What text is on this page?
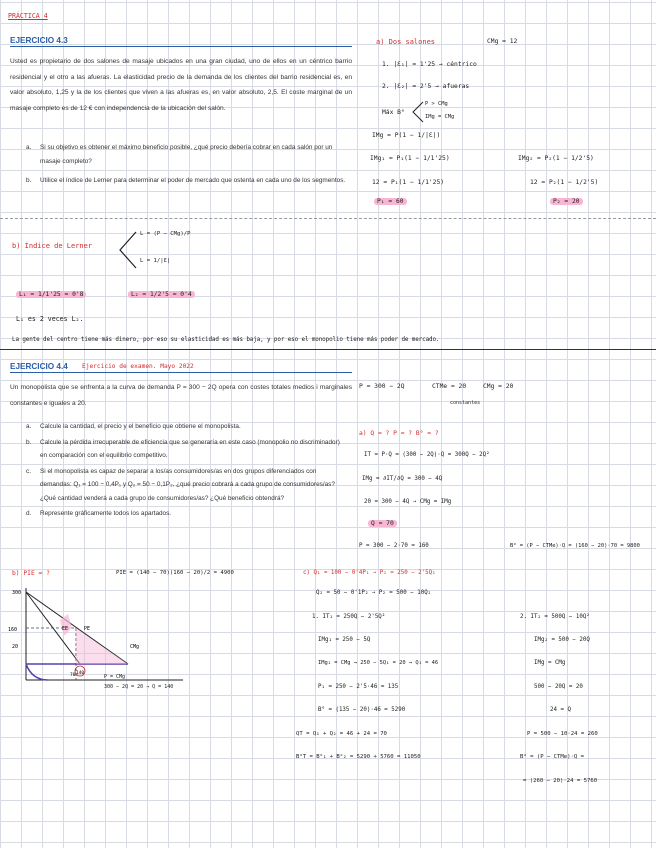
PRÁCTICA 4
EJERCICIO 4.3
Usted es propietario de dos salones de masaje ubicados en una gran ciudad, uno de ellos en un céntrico barrio residencial y el otro a las afueras. La elasticidad precio de la demanda de los clientes del barrio residencial es, en valor absoluto, 1,25 y la de los clientes que viven a las afueras es, en valor absoluto, 2,5. El coste marginal de un masaje completo es de 12 € con independencia de la ubicación del salón.
a. Si su objetivo es obtener el máximo beneficio posible, ¿qué precio debería cobrar en cada salón por un masaje completo?
b. Utilice el índice de Lerner para determinar el poder de mercado que ostenta en cada uno de los segmentos.
a) Dos salones	CMg = 12
1. |Ɛ₁| = 1'25 → céntrico
2. |Ɛ₂| = 2'5 → afueras
Máx B°
P > CMg
IMg = CMg
IMg = P(1 − 1/|Ɛ|)
IMg₁ = P₁(1 − 1/1'25)	IMg₂ = P₂(1 − 1/2'5)
12 = P₁(1 − 1/1'25)	12 = P₂(1 − 1/2'5)
P₁ = 60	P₂ = 20
b) Índice de Lerner
L = (P − CMg)/P
L = 1/|Ɛ|
L₁ = 1/1'25 = 0'8	L₂ = 1/2'5 = 0'4
L₁ es 2 veces L₂.
La gente del centro tiene más dinero, por eso su elasticidad es más baja, y por eso el monopolio tiene más poder de mercado.
EJERCICIO 4.4 Ejercicio de examen. Mayo 2022
Un monopolista que se enfrenta a la curva de demanda P = 300 − 2Q opera con costes totales medios i marginales constantes e iguales a 20.
a. Calcule la cantidad, el precio y el beneficio que obtiene el monopolista.
b. Calcule la pérdida irrecuperable de eficiencia que se generaría en este caso (monopolio no discriminador) en comparación con el equilibrio competitivo.
c. Si el monopolista es capaz de separar a los/as consumidores/as en dos grupos diferenciados con demandas: Q₁ = 100 − 0,4P₁ y Q₂ = 50 − 0,1P₂, ¿qué precio cobrará a cada grupo de consumidores/as? ¿Qué cantidad venderá a cada grupo de consumidores/as? ¿Qué beneficio obtendrá?
d. Represente gráficamente todos los apartados.
P = 300 − 2Q	CTMe = 20	CMg = 20
constantes
a) Q = ? P = ? B° = ?
IT = P·Q = (300 − 2Q)·Q = 300Q − 2Q²
IMg = ∂IT/∂Q = 300 − 4Q
20 = 300 − 4Q → CMg = IMg
Q = 70
P = 300 − 2·70 = 160	B° = (P − CTMe)·Q = (160 − 20)·70 = 9800
b) PIE = ?	PIE = (140 − 70)(160 − 20)/2 = 4900
300
160
20
PE
EE
CMg
70 140
P = CMg
300 − 2Q = 20 → Q = 140
c) Q₁ = 100 − 0'4P₁ → P₁ = 250 − 2'5Q₁
Q₂ = 50 − 0'1P₂ → P₂ = 500 − 10Q₂
1. IT₁ = 250Q − 2'5Q²
IMg₁ = 250 − 5Q
IMg₁ = CMg → 250 − 5Q₁ = 20 → Q₁ = 46
P₁ = 250 − 2'5·46 = 135
B° = (135 − 20)·46 = 5290
QT = Q₁ + Q₂ = 46 + 24 = 70
B°T = B°₁ + B°₂ = 5290 + 5760 = 11050
2. IT₂ = 500Q − 10Q²
IMg₂ = 500 − 20Q
IMg = CMg
500 − 20Q = 20
24 = Q
P = 500 − 10·24 = 260
B° = (P − CTMe)·Q =
= (260 − 20)·24 = 5760
